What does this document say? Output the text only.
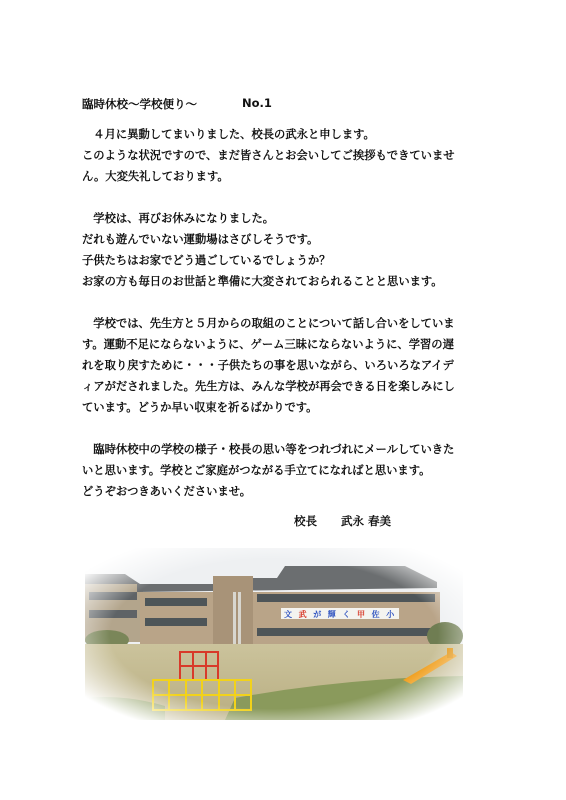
臨時休校〜学校便り〜	No.1

　４月に異動してまいりました、校長の武永と申します。

このような状況ですので、まだ皆さんとお会いしてご挨拶もできていませ

ん。大変失礼しております。

　学校は、再びお休みになりました。

だれも遊んでいない運動場はさびしそうです。

子供たちはお家でどう過ごしているでしょうか？

お家の方も毎日のお世話と準備に大変されておられることと思います。

　学校では、先生方と５月からの取組のことについて話し合いをしていま

す。運動不足にならないように、ゲーム三昧にならないように、学習の遅

れを取り戻すために・・・子供たちの事を思いながら、いろいろなアイデ

ィアがだされました。先生方は、みんな学校が再会できる日を楽しみにし

ています。どうか早い収束を祈るばかりです。

　臨時休校中の学校の様子・校長の思い等をつれづれにメールしていきた

いと思います。学校とご家庭がつながる手立てになればと思います。

どうぞおつきあいくださいませ。

校長 武永 春美
